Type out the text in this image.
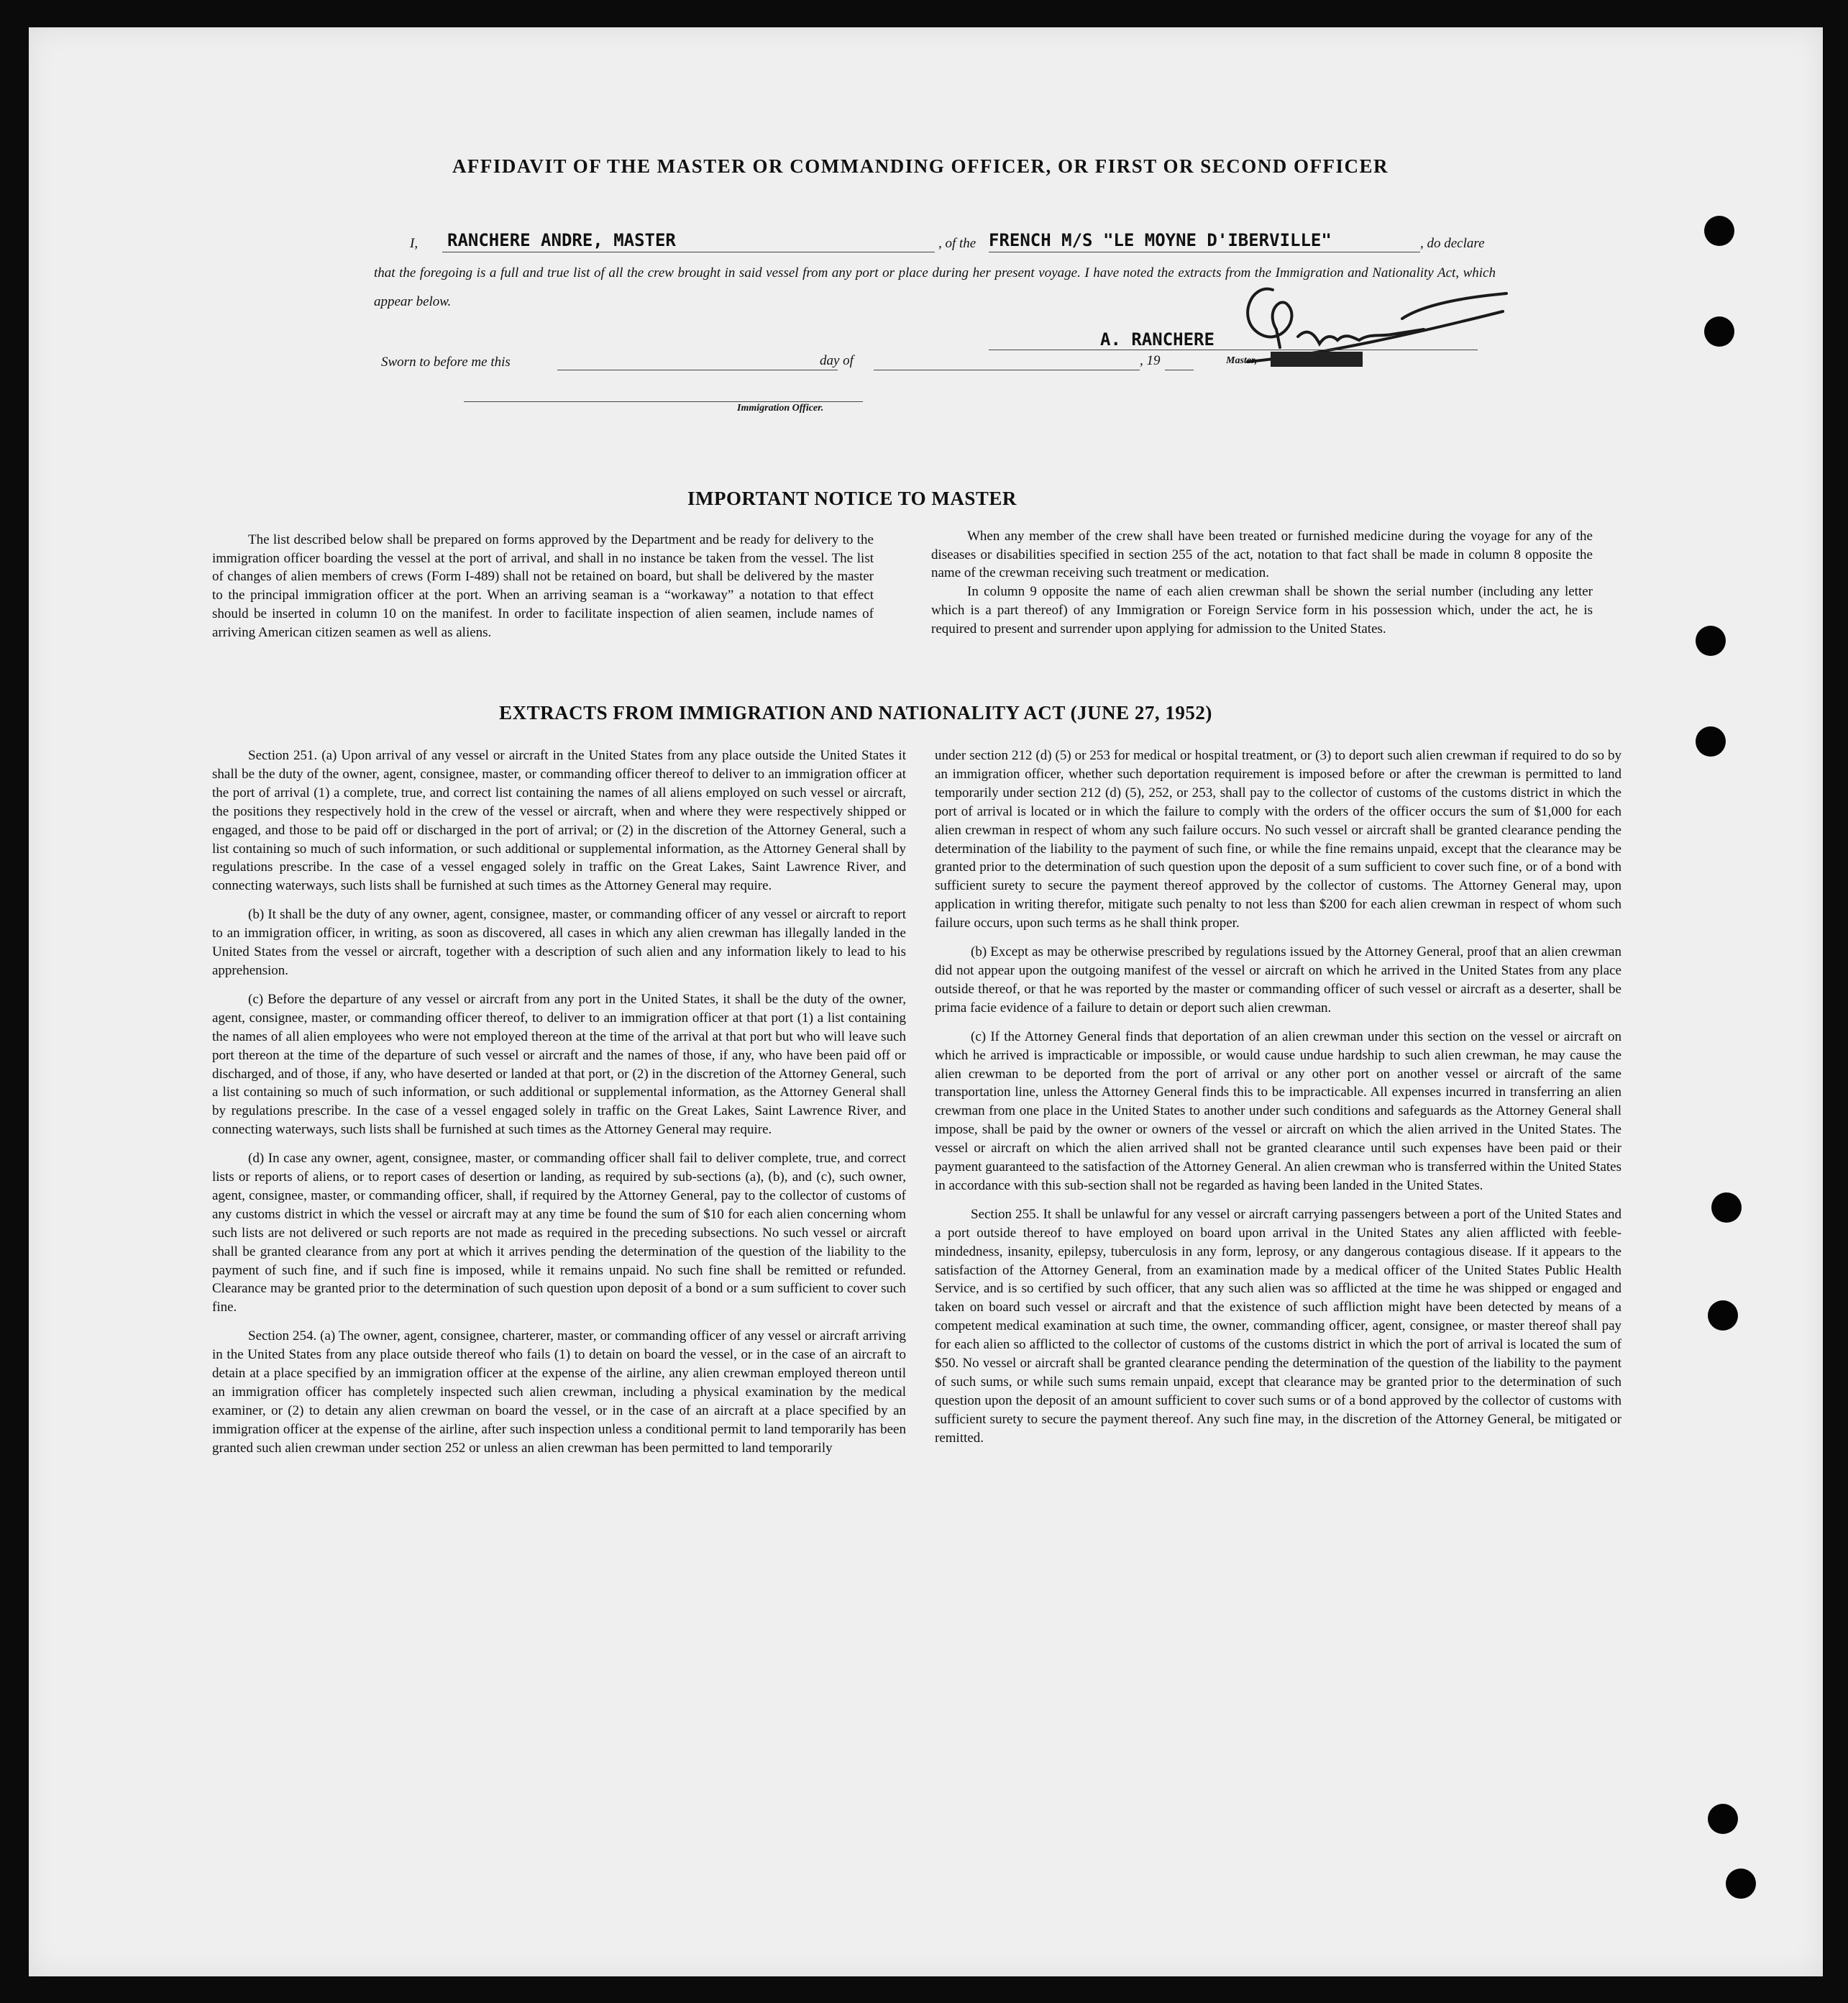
AFFIDAVIT OF THE MASTER OR COMMANDING OFFICER, OR FIRST OR SECOND OFFICER
I, RANCHERE ANDRE, MASTER	, of the FRENCH M/S "LE MOYNE D'IBERVILLE"	, do declare
that the foregoing is a full and true list of all the crew brought in said vessel from any port or place during her present voyage. I have noted the extracts from the Immigration and Nationality Act, which appear below.
A. RANCHERE
Master, XXXXXXXXXXXXX
Sworn to before me this	day of	, 19
Immigration Officer.
IMPORTANT NOTICE TO MASTER

The list described below shall be prepared on forms approved by the Department and be ready for delivery to the immigration officer boarding the vessel at the port of arrival, and shall in no instance be taken from the vessel. The list of changes of alien members of crews (Form I-489) shall not be retained on board, but shall be delivered by the master to the principal immigration officer at the port. When an arriving seaman is a “workaway” a notation to that effect should be inserted in column 10 on the manifest. In order to facilitate inspection of alien seamen, include names of arriving American citizen seamen as well as aliens.

When any member of the crew shall have been treated or furnished medicine during the voyage for any of the diseases or disabilities specified in section 255 of the act, notation to that fact shall be made in column 8 opposite the name of the crewman receiving such treatment or medication.

In column 9 opposite the name of each alien crewman shall be shown the serial number (including any letter which is a part thereof) of any Immigration or Foreign Service form in his possession which, under the act, he is required to present and surrender upon applying for admission to the United States.

EXTRACTS FROM IMMIGRATION AND NATIONALITY ACT (JUNE 27, 1952)

Section 251. (a) Upon arrival of any vessel or aircraft in the United States from any place outside the United States it shall be the duty of the owner, agent, consignee, master, or commanding officer thereof to deliver to an immigration officer at the port of arrival (1) a complete, true, and correct list containing the names of all aliens employed on such vessel or aircraft, the positions they respectively hold in the crew of the vessel or aircraft, when and where they were respectively shipped or engaged, and those to be paid off or discharged in the port of arrival; or (2) in the discretion of the Attorney General, such a list containing so much of such information, or such additional or supplemental information, as the Attorney General shall by regulations prescribe. In the case of a vessel engaged solely in traffic on the Great Lakes, Saint Lawrence River, and connecting waterways, such lists shall be furnished at such times as the Attorney General may require.

(b) It shall be the duty of any owner, agent, consignee, master, or commanding officer of any vessel or aircraft to report to an immigration officer, in writing, as soon as discovered, all cases in which any alien crewman has illegally landed in the United States from the vessel or aircraft, together with a description of such alien and any information likely to lead to his apprehension.

(c) Before the departure of any vessel or aircraft from any port in the United States, it shall be the duty of the owner, agent, consignee, master, or commanding officer thereof, to deliver to an immigration officer at that port (1) a list containing the names of all alien employees who were not employed thereon at the time of the arrival at that port but who will leave such port thereon at the time of the departure of such vessel or aircraft and the names of those, if any, who have been paid off or discharged, and of those, if any, who have deserted or landed at that port, or (2) in the discretion of the Attorney General, such a list containing so much of such information, or such additional or supplemental information, as the Attorney General shall by regulations prescribe. In the case of a vessel engaged solely in traffic on the Great Lakes, Saint Lawrence River, and connecting waterways, such lists shall be furnished at such times as the Attorney General may require.

(d) In case any owner, agent, consignee, master, or commanding officer shall fail to deliver complete, true, and correct lists or reports of aliens, or to report cases of desertion or landing, as required by sub-sections (a), (b), and (c), such owner, agent, consignee, master, or commanding officer, shall, if required by the Attorney General, pay to the collector of customs of any customs district in which the vessel or aircraft may at any time be found the sum of $10 for each alien concerning whom such lists are not delivered or such reports are not made as required in the preceding subsections. No such vessel or aircraft shall be granted clearance from any port at which it arrives pending the determination of the question of the liability to the payment of such fine, and if such fine is imposed, while it remains unpaid. No such fine shall be remitted or refunded. Clearance may be granted prior to the determination of such question upon deposit of a bond or a sum sufficient to cover such fine.

Section 254. (a) The owner, agent, consignee, charterer, master, or commanding officer of any vessel or aircraft arriving in the United States from any place outside thereof who fails (1) to detain on board the vessel, or in the case of an aircraft to detain at a place specified by an immigration officer at the expense of the airline, any alien crewman employed thereon until an immigration officer has completely inspected such alien crewman, including a physical examination by the medical examiner, or (2) to detain any alien crewman on board the vessel, or in the case of an aircraft at a place specified by an immigration officer at the expense of the airline, after such inspection unless a conditional permit to land temporarily has been granted such alien crewman under section 252 or unless an alien crewman has been permitted to land temporarily

under section 212 (d) (5) or 253 for medical or hospital treatment, or (3) to deport such alien crewman if required to do so by an immigration officer, whether such deportation requirement is imposed before or after the crewman is permitted to land temporarily under section 212 (d) (5), 252, or 253, shall pay to the collector of customs of the customs district in which the port of arrival is located or in which the failure to comply with the orders of the officer occurs the sum of $1,000 for each alien crewman in respect of whom any such failure occurs. No such vessel or aircraft shall be granted clearance pending the determination of the liability to the payment of such fine, or while the fine remains unpaid, except that the clearance may be granted prior to the determination of such question upon the deposit of a sum sufficient to cover such fine, or of a bond with sufficient surety to secure the payment thereof approved by the collector of customs. The Attorney General may, upon application in writing therefor, mitigate such penalty to not less than $200 for each alien crewman in respect of whom such failure occurs, upon such terms as he shall think proper.

(b) Except as may be otherwise prescribed by regulations issued by the Attorney General, proof that an alien crewman did not appear upon the outgoing manifest of the vessel or aircraft on which he arrived in the United States from any place outside thereof, or that he was reported by the master or commanding officer of such vessel or aircraft as a deserter, shall be prima facie evidence of a failure to detain or deport such alien crewman.

(c) If the Attorney General finds that deportation of an alien crewman under this section on the vessel or aircraft on which he arrived is impracticable or impossible, or would cause undue hardship to such alien crewman, he may cause the alien crewman to be deported from the port of arrival or any other port on another vessel or aircraft of the same transportation line, unless the Attorney General finds this to be impracticable. All expenses incurred in transferring an alien crewman from one place in the United States to another under such conditions and safeguards as the Attorney General shall impose, shall be paid by the owner or owners of the vessel or aircraft on which the alien arrived in the United States. The vessel or aircraft on which the alien arrived shall not be granted clearance until such expenses have been paid or their payment guaranteed to the satisfaction of the Attorney General. An alien crewman who is transferred within the United States in accordance with this sub-section shall not be regarded as having been landed in the United States.

Section 255. It shall be unlawful for any vessel or aircraft carrying passengers between a port of the United States and a port outside thereof to have employed on board upon arrival in the United States any alien afflicted with feeble-mindedness, insanity, epilepsy, tuberculosis in any form, leprosy, or any dangerous contagious disease. If it appears to the satisfaction of the Attorney General, from an examination made by a medical officer of the United States Public Health Service, and is so certified by such officer, that any such alien was so afflicted at the time he was shipped or engaged and taken on board such vessel or aircraft and that the existence of such affliction might have been detected by means of a competent medical examination at such time, the owner, commanding officer, agent, consignee, or master thereof shall pay for each alien so afflicted to the collector of customs of the customs district in which the port of arrival is located the sum of $50. No vessel or aircraft shall be granted clearance pending the determination of the question of the liability to the payment of such sums, or while such sums remain unpaid, except that clearance may be granted prior to the determination of such question upon the deposit of an amount sufficient to cover such sums or of a bond approved by the collector of customs with sufficient surety to secure the payment thereof. Any such fine may, in the discretion of the Attorney General, be mitigated or remitted.
